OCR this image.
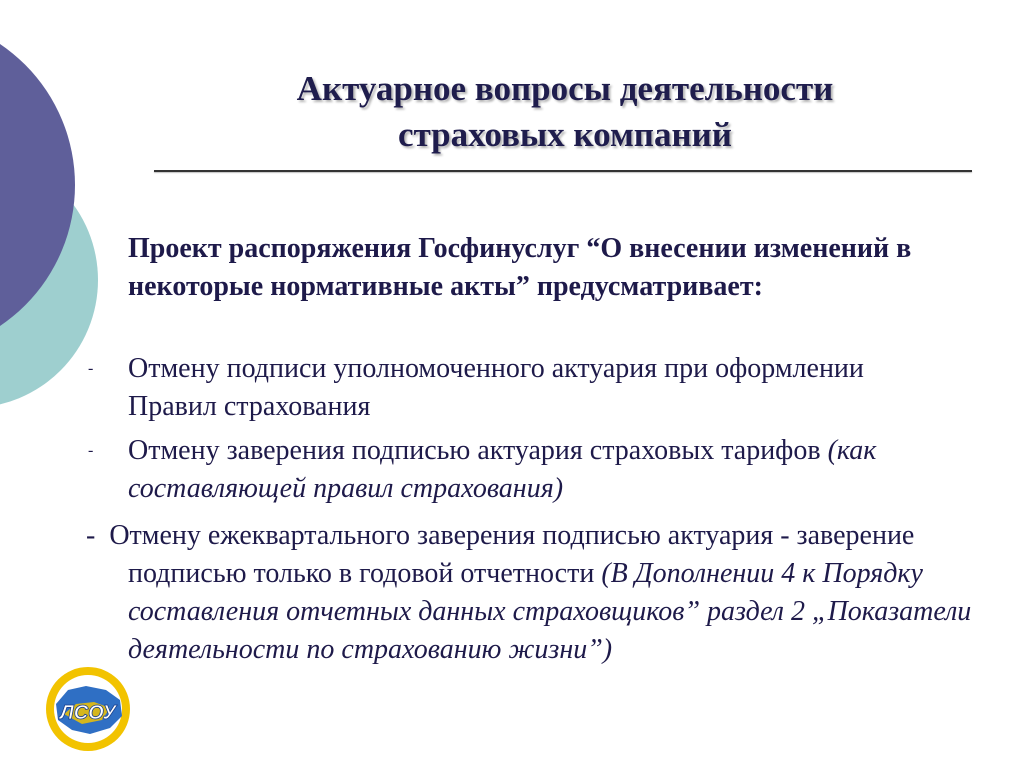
Актуарное вопросы деятельности
страховых компаний
Проект распоряжения Госфинуслуг “О внесении изменений в некоторые нормативные акты” предусматривает:
- Отмену подписи уполномоченного актуария при оформлении Правил страхования
- Отмену заверения подписью актуария страховых тарифов (как составляющей правил страхования)
- Отмену ежеквартального заверения подписью актуария - заверение подписью только в годовой отчетности (В Дополнении 4 к Порядку составления отчетных данных страховщиков” раздел 2 „Показатели деятельности по страхованию жизни”)
ЛСОУ
